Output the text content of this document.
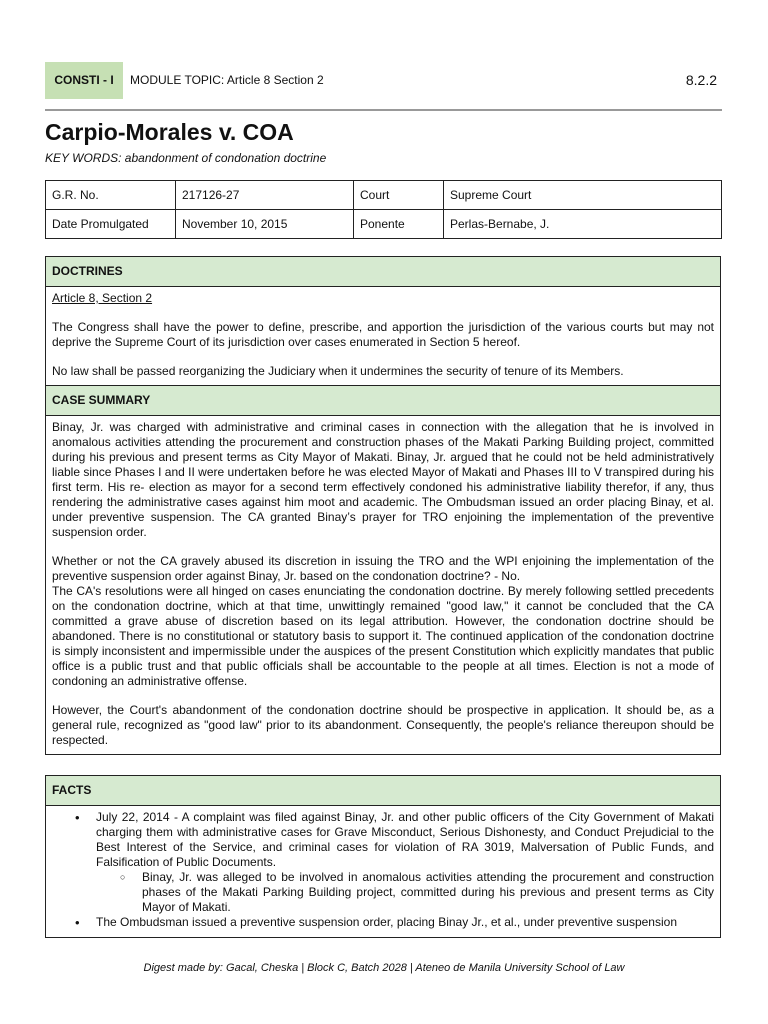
CONSTI - I	MODULE TOPIC: Article 8 Section 2	8.2.2
Carpio-Morales v. COA
KEY WORDS: abandonment of condonation doctrine
G.R. No.	217126-27	Court	Supreme Court
Date Promulgated	November 10, 2015	Ponente	Perlas-Bernabe, J.
DOCTRINES

Article 8, Section 2

The Congress shall have the power to define, prescribe, and apportion the jurisdiction of the various courts but may not deprive the Supreme Court of its jurisdiction over cases enumerated in Section 5 hereof.

No law shall be passed reorganizing the Judiciary when it undermines the security of tenure of its Members.

CASE SUMMARY

Binay, Jr. was charged with administrative and criminal cases in connection with the allegation that he is involved in anomalous activities attending the procurement and construction phases of the Makati Parking Building project, committed during his previous and present terms as City Mayor of Makati. Binay, Jr. argued that he could not be held administratively liable since Phases I and II were undertaken before he was elected Mayor of Makati and Phases III to V transpired during his first term. His re- election as mayor for a second term effectively condoned his administrative liability therefor, if any, thus rendering the administrative cases against him moot and academic. The Ombudsman issued an order placing Binay, et al. under preventive suspension. The CA granted Binay’s prayer for TRO enjoining the implementation of the preventive suspension order.

Whether or not the CA gravely abused its discretion in issuing the TRO and the WPI enjoining the implementation of the preventive suspension order against Binay, Jr. based on the condonation doctrine? - No.

The CA's resolutions were all hinged on cases enunciating the condonation doctrine. By merely following settled precedents on the condonation doctrine, which at that time, unwittingly remained "good law," it cannot be concluded that the CA committed a grave abuse of discretion based on its legal attribution. However, the condonation doctrine should be abandoned. There is no constitutional or statutory basis to support it. The continued application of the condonation doctrine is simply inconsistent and impermissible under the auspices of the present Constitution which explicitly mandates that public office is a public trust and that public officials shall be accountable to the people at all times. Election is not a mode of condoning an administrative offense.

However, the Court's abandonment of the condonation doctrine should be prospective in application. It should be, as a general rule, recognized as "good law" prior to its abandonment. Consequently, the people's reliance thereupon should be respected.

FACTS
• July 22, 2014 - A complaint was filed against Binay, Jr. and other public officers of the City Government of Makati charging them with administrative cases for Grave Misconduct, Serious Dishonesty, and Conduct Prejudicial to the Best Interest of the Service, and criminal cases for violation of RA 3019, Malversation of Public Funds, and Falsification of Public Documents.
○ Binay, Jr. was alleged to be involved in anomalous activities attending the procurement and construction phases of the Makati Parking Building project, committed during his previous and present terms as City Mayor of Makati.
• The Ombudsman issued a preventive suspension order, placing Binay Jr., et al., under preventive suspension
Digest made by: Gacal, Cheska | Block C, Batch 2028 | Ateneo de Manila University School of Law
